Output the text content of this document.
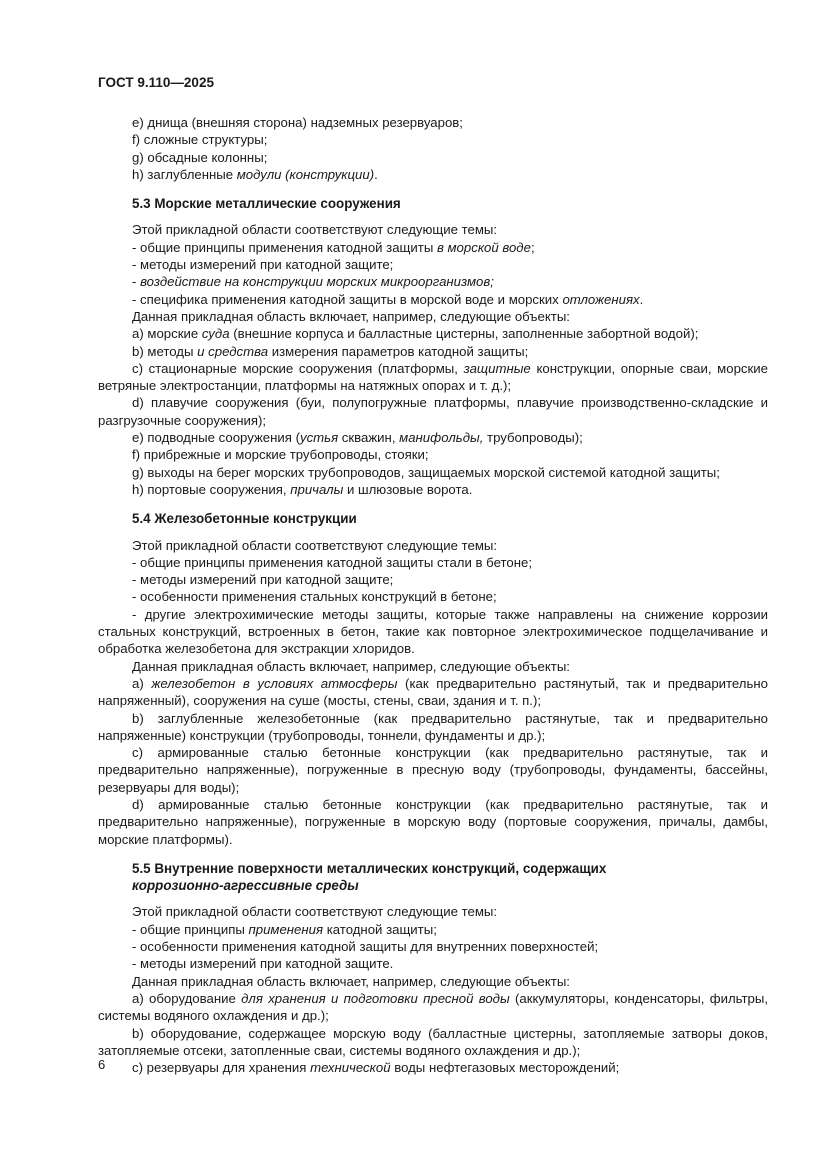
ГОСТ 9.110—2025

e) днища (внешняя сторона) надземных резервуаров;

f) сложные структуры;

g) обсадные колонны;

h) заглубленные модули (конструкции).

5.3 Морские металлические сооружения

Этой прикладной области соответствуют следующие темы:

- общие принципы применения катодной защиты в морской воде;

- методы измерений при катодной защите;

- воздействие на конструкции морских микроорганизмов;

- специфика применения катодной защиты в морской воде и морских отложениях.

Данная прикладная область включает, например, следующие объекты:

а) морские суда (внешние корпуса и балластные цистерны, заполненные забортной водой);

b) методы и средства измерения параметров катодной защиты;

c) стационарные морские сооружения (платформы, защитные конструкции, опорные сваи, морские ветряные электростанции, платформы на натяжных опорах и т. д.);

d) плавучие сооружения (буи, полупогружные платформы, плавучие производственно-складские и разгрузочные сооружения);

e) подводные сооружения (устья скважин, манифольды, трубопроводы);

f) прибрежные и морские трубопроводы, стояки;

g) выходы на берег морских трубопроводов, защищаемых морской системой катодной защиты;

h) портовые сооружения, причалы и шлюзовые ворота.

5.4 Железобетонные конструкции

Этой прикладной области соответствуют следующие темы:

- общие принципы применения катодной защиты стали в бетоне;

- методы измерений при катодной защите;

- особенности применения стальных конструкций в бетоне;

- другие электрохимические методы защиты, которые также направлены на снижение коррозии стальных конструкций, встроенных в бетон, такие как повторное электрохимическое подщелачивание и обработка железобетона для экстракции хлоридов.

Данная прикладная область включает, например, следующие объекты:

а) железобетон в условиях атмосферы (как предварительно растянутый, так и предварительно напряженный), сооружения на суше (мосты, стены, сваи, здания и т. п.);

b) заглубленные железобетонные (как предварительно растянутые, так и предварительно напряженные) конструкции (трубопроводы, тоннели, фундаменты и др.);

c) армированные сталью бетонные конструкции (как предварительно растянутые, так и предварительно напряженные), погруженные в пресную воду (трубопроводы, фундаменты, бассейны, резервуары для воды);

d) армированные сталью бетонные конструкции (как предварительно растянутые, так и предварительно напряженные), погруженные в морскую воду (портовые сооружения, причалы, дамбы, морские платформы).

5.5 Внутренние поверхности металлических конструкций, содержащих
коррозионно-агрессивные среды

Этой прикладной области соответствуют следующие темы:

- общие принципы применения катодной защиты;

- особенности применения катодной защиты для внутренних поверхностей;

- методы измерений при катодной защите.

Данная прикладная область включает, например, следующие объекты:

а) оборудование для хранения и подготовки пресной воды (аккумуляторы, конденсаторы, фильтры, системы водяного охлаждения и др.);

b) оборудование, содержащее морскую воду (балластные цистерны, затопляемые затворы доков, затопляемые отсеки, затопленные сваи, системы водяного охлаждения и др.);

c) резервуары для хранения технической воды нефтегазовых месторождений;

6
